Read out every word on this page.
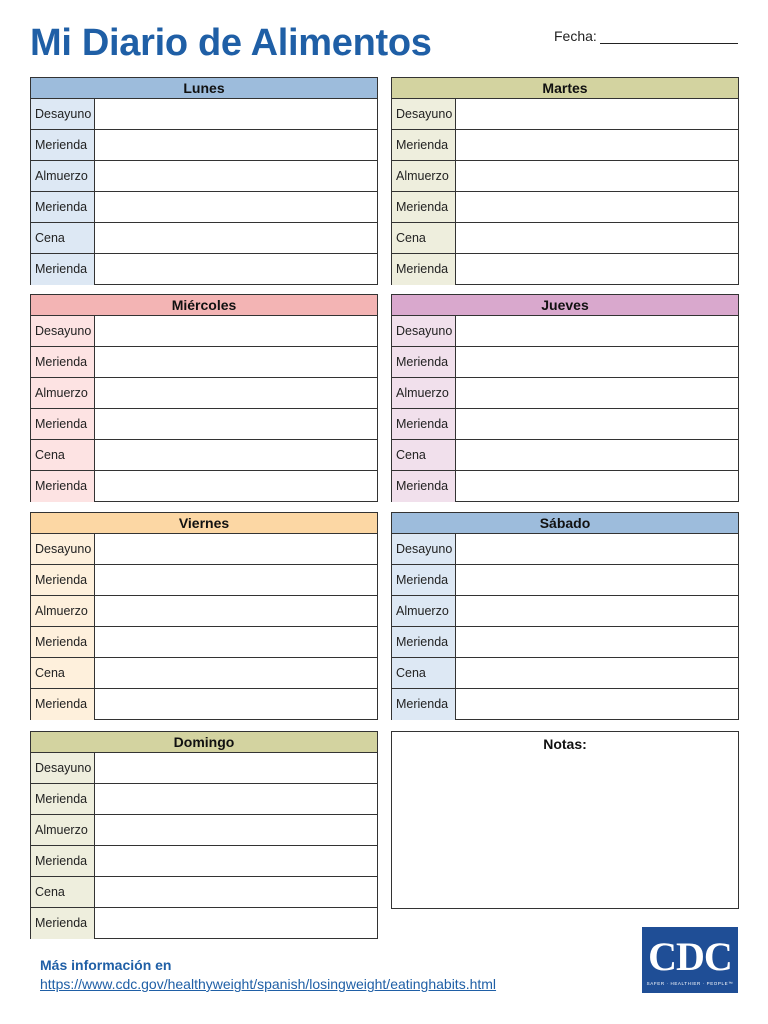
Mi Diario de Alimentos	Fecha:
Lunes
Desayuno
Merienda
Almuerzo
Merienda
Cena
Merienda
Martes
Desayuno
Merienda
Almuerzo
Merienda
Cena
Merienda
Miércoles
Desayuno
Merienda
Almuerzo
Merienda
Cena
Merienda
Jueves
Desayuno
Merienda
Almuerzo
Merienda
Cena
Merienda
Viernes
Desayuno
Merienda
Almuerzo
Merienda
Cena
Merienda
Sábado
Desayuno
Merienda
Almuerzo
Merienda
Cena
Merienda
Domingo
Desayuno
Merienda
Almuerzo
Merienda
Cena
Merienda
Notas:
Más información en
https://www.cdc.gov/healthyweight/spanish/losingweight/eatinghabits.html
CDC
SAFER · HEALTHIER · PEOPLE™
